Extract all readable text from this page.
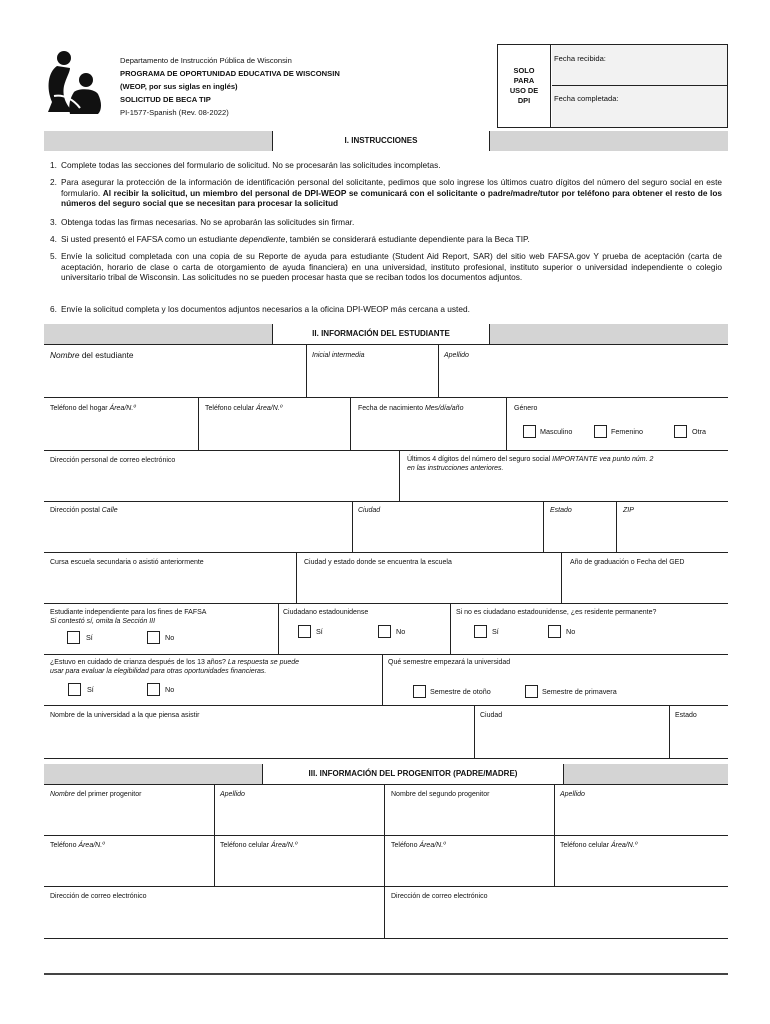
Departamento de Instrucción Pública de Wisconsin
PROGRAMA DE OPORTUNIDAD EDUCATIVA DE WISCONSIN
(WEOP, por sus siglas en inglés)
SOLICITUD DE BECA TIP
PI-1577-Spanish (Rev. 08-2022)
SOLO
PARA
USO DE
DPI
Fecha recibida:
Fecha completada:
I. INSTRUCCIONES
1. Complete todas las secciones del formulario de solicitud. No se procesarán las solicitudes incompletas.
2. Para asegurar la protección de la información de identificación personal del solicitante, pedimos que solo ingrese los últimos cuatro dígitos del número del seguro social en este formulario. Al recibir la solicitud, un miembro del personal de DPI-WEOP se comunicará con el solicitante o padre/madre/tutor por teléfono para obtener el resto de los números del seguro social que se necesitan para procesar la solicitud
3. Obtenga todas las firmas necesarias. No se aprobarán las solicitudes sin firmar.
4. Si usted presentó el FAFSA como un estudiante dependiente, también se considerará estudiante dependiente para la Beca TIP.
5. Envíe la solicitud completada con una copia de su Reporte de ayuda para estudiante (Student Aid Report, SAR) del sitio web FAFSA.gov Y prueba de aceptación (carta de aceptación, horario de clase o carta de otorgamiento de ayuda financiera) en una universidad, instituto profesional, instituto superior o universidad independiente o colegio universitario tribal de Wisconsin. Las solicitudes no se pueden procesar hasta que se reciban todos los documentos adjuntos.
6. Envíe la solicitud completa y los documentos adjuntos necesarios a la oficina DPI-WEOP más cercana a usted.
II. INFORMACIÓN DEL ESTUDIANTE
Nombre del estudiante	Inicial intermedia	Apellido
Teléfono del hogar Área/N.º	Teléfono celular Área/N.º	Fecha de nacimiento Mes/día/año	Género
Masculino	Femenino	Otra
Dirección personal de correo electrónico	Últimos 4 dígitos del número del seguro social IMPORTANTE vea punto núm. 2
en las instrucciones anteriores.
Dirección postal Calle	Ciudad	Estado	ZIP
Cursa escuela secundaria o asistió anteriormente	Ciudad y estado donde se encuentra la escuela	Año de graduación o Fecha del GED
Estudiante independiente para los fines de FAFSA
Si contestó sí, omita la Sección III
Sí	No
Ciudadano estadounidense
Sí	No
Si no es ciudadano estadounidense, ¿es residente permanente?
Sí	No
¿Estuvo en cuidado de crianza después de los 13 años? La respuesta se puede
usar para evaluar la elegibilidad para otras oportunidades financieras.
Sí	No
Qué semestre empezará la universidad
Semestre de otoño	Semestre de primavera
Nombre de la universidad a la que piensa asistir	Ciudad	Estado
III. INFORMACIÓN DEL PROGENITOR (PADRE/MADRE)
Nombre del primer progenitor	Apellido	Nombre del segundo progenitor	Apellido
Teléfono Área/N.º	Teléfono celular Área/N.º	Teléfono Área/N.º	Teléfono celular Área/N.º
Dirección de correo electrónico	Dirección de correo electrónico
